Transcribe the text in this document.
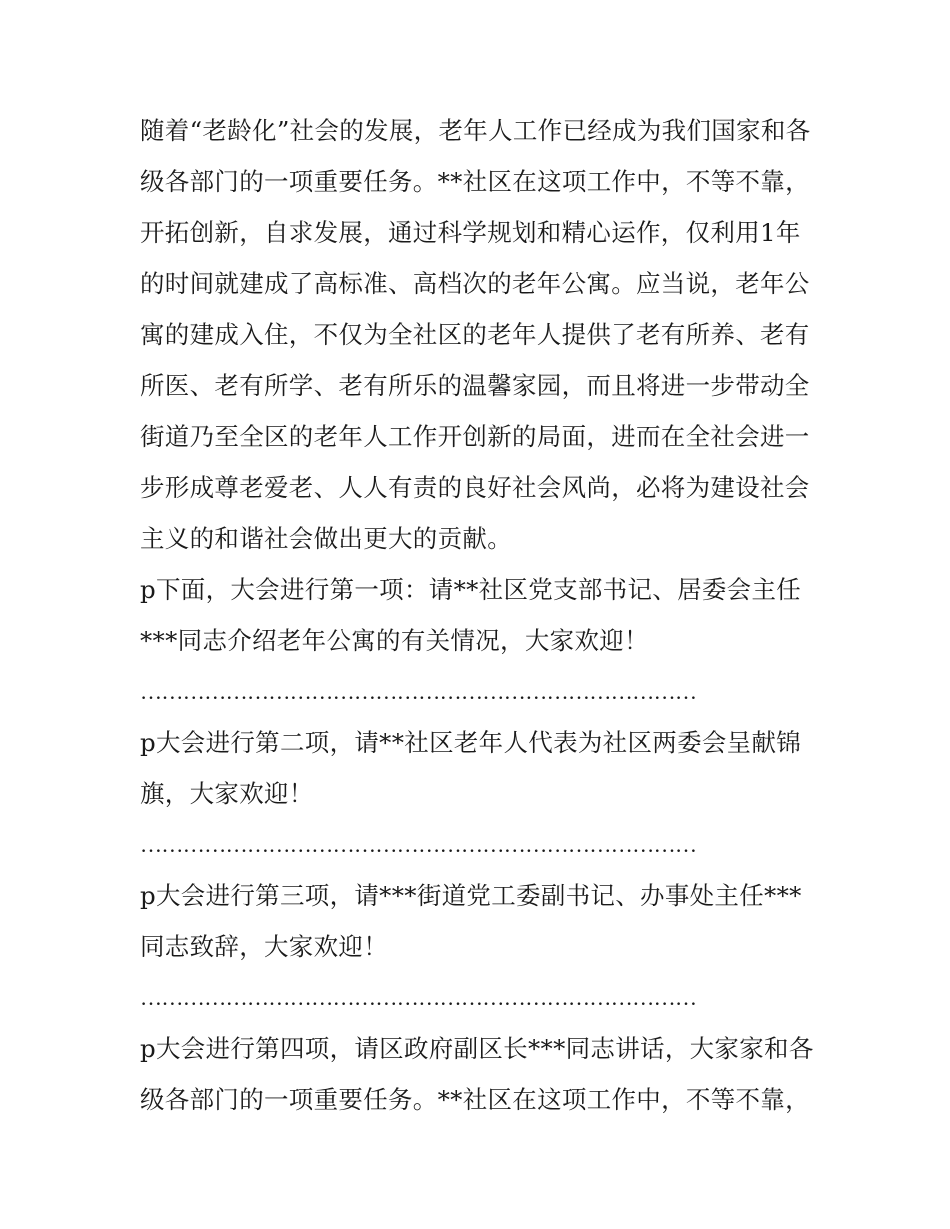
随着“老龄化”社会的发展，老年人工作已经成为我们国家和各
级各部门的一项重要任务。**社区在这项工作中，不等不靠，
开拓创新，自求发展，通过科学规划和精心运作，仅利用1年
的时间就建成了高标准、高档次的老年公寓。应当说，老年公
寓的建成入住，不仅为全社区的老年人提供了老有所养、老有
所医、老有所学、老有所乐的温馨家园，而且将进一步带动全
街道乃至全区的老年人工作开创新的局面，进而在全社会进一
步形成尊老爱老、人人有责的良好社会风尚，必将为建设社会
主义的和谐社会做出更大的贡献。
p下面，大会进行第一项：请**社区党支部书记、居委会主任
***同志介绍老年公寓的有关情况，大家欢迎！
……………………………………………………………………
p大会进行第二项，请**社区老年人代表为社区两委会呈献锦
旗，大家欢迎！
……………………………………………………………………
p大会进行第三项，请***街道党工委副书记、办事处主任***
同志致辞，大家欢迎！
……………………………………………………………………
p大会进行第四项，请区政府副区长***同志讲话，大家家和各
级各部门的一项重要任务。**社区在这项工作中，不等不靠，
